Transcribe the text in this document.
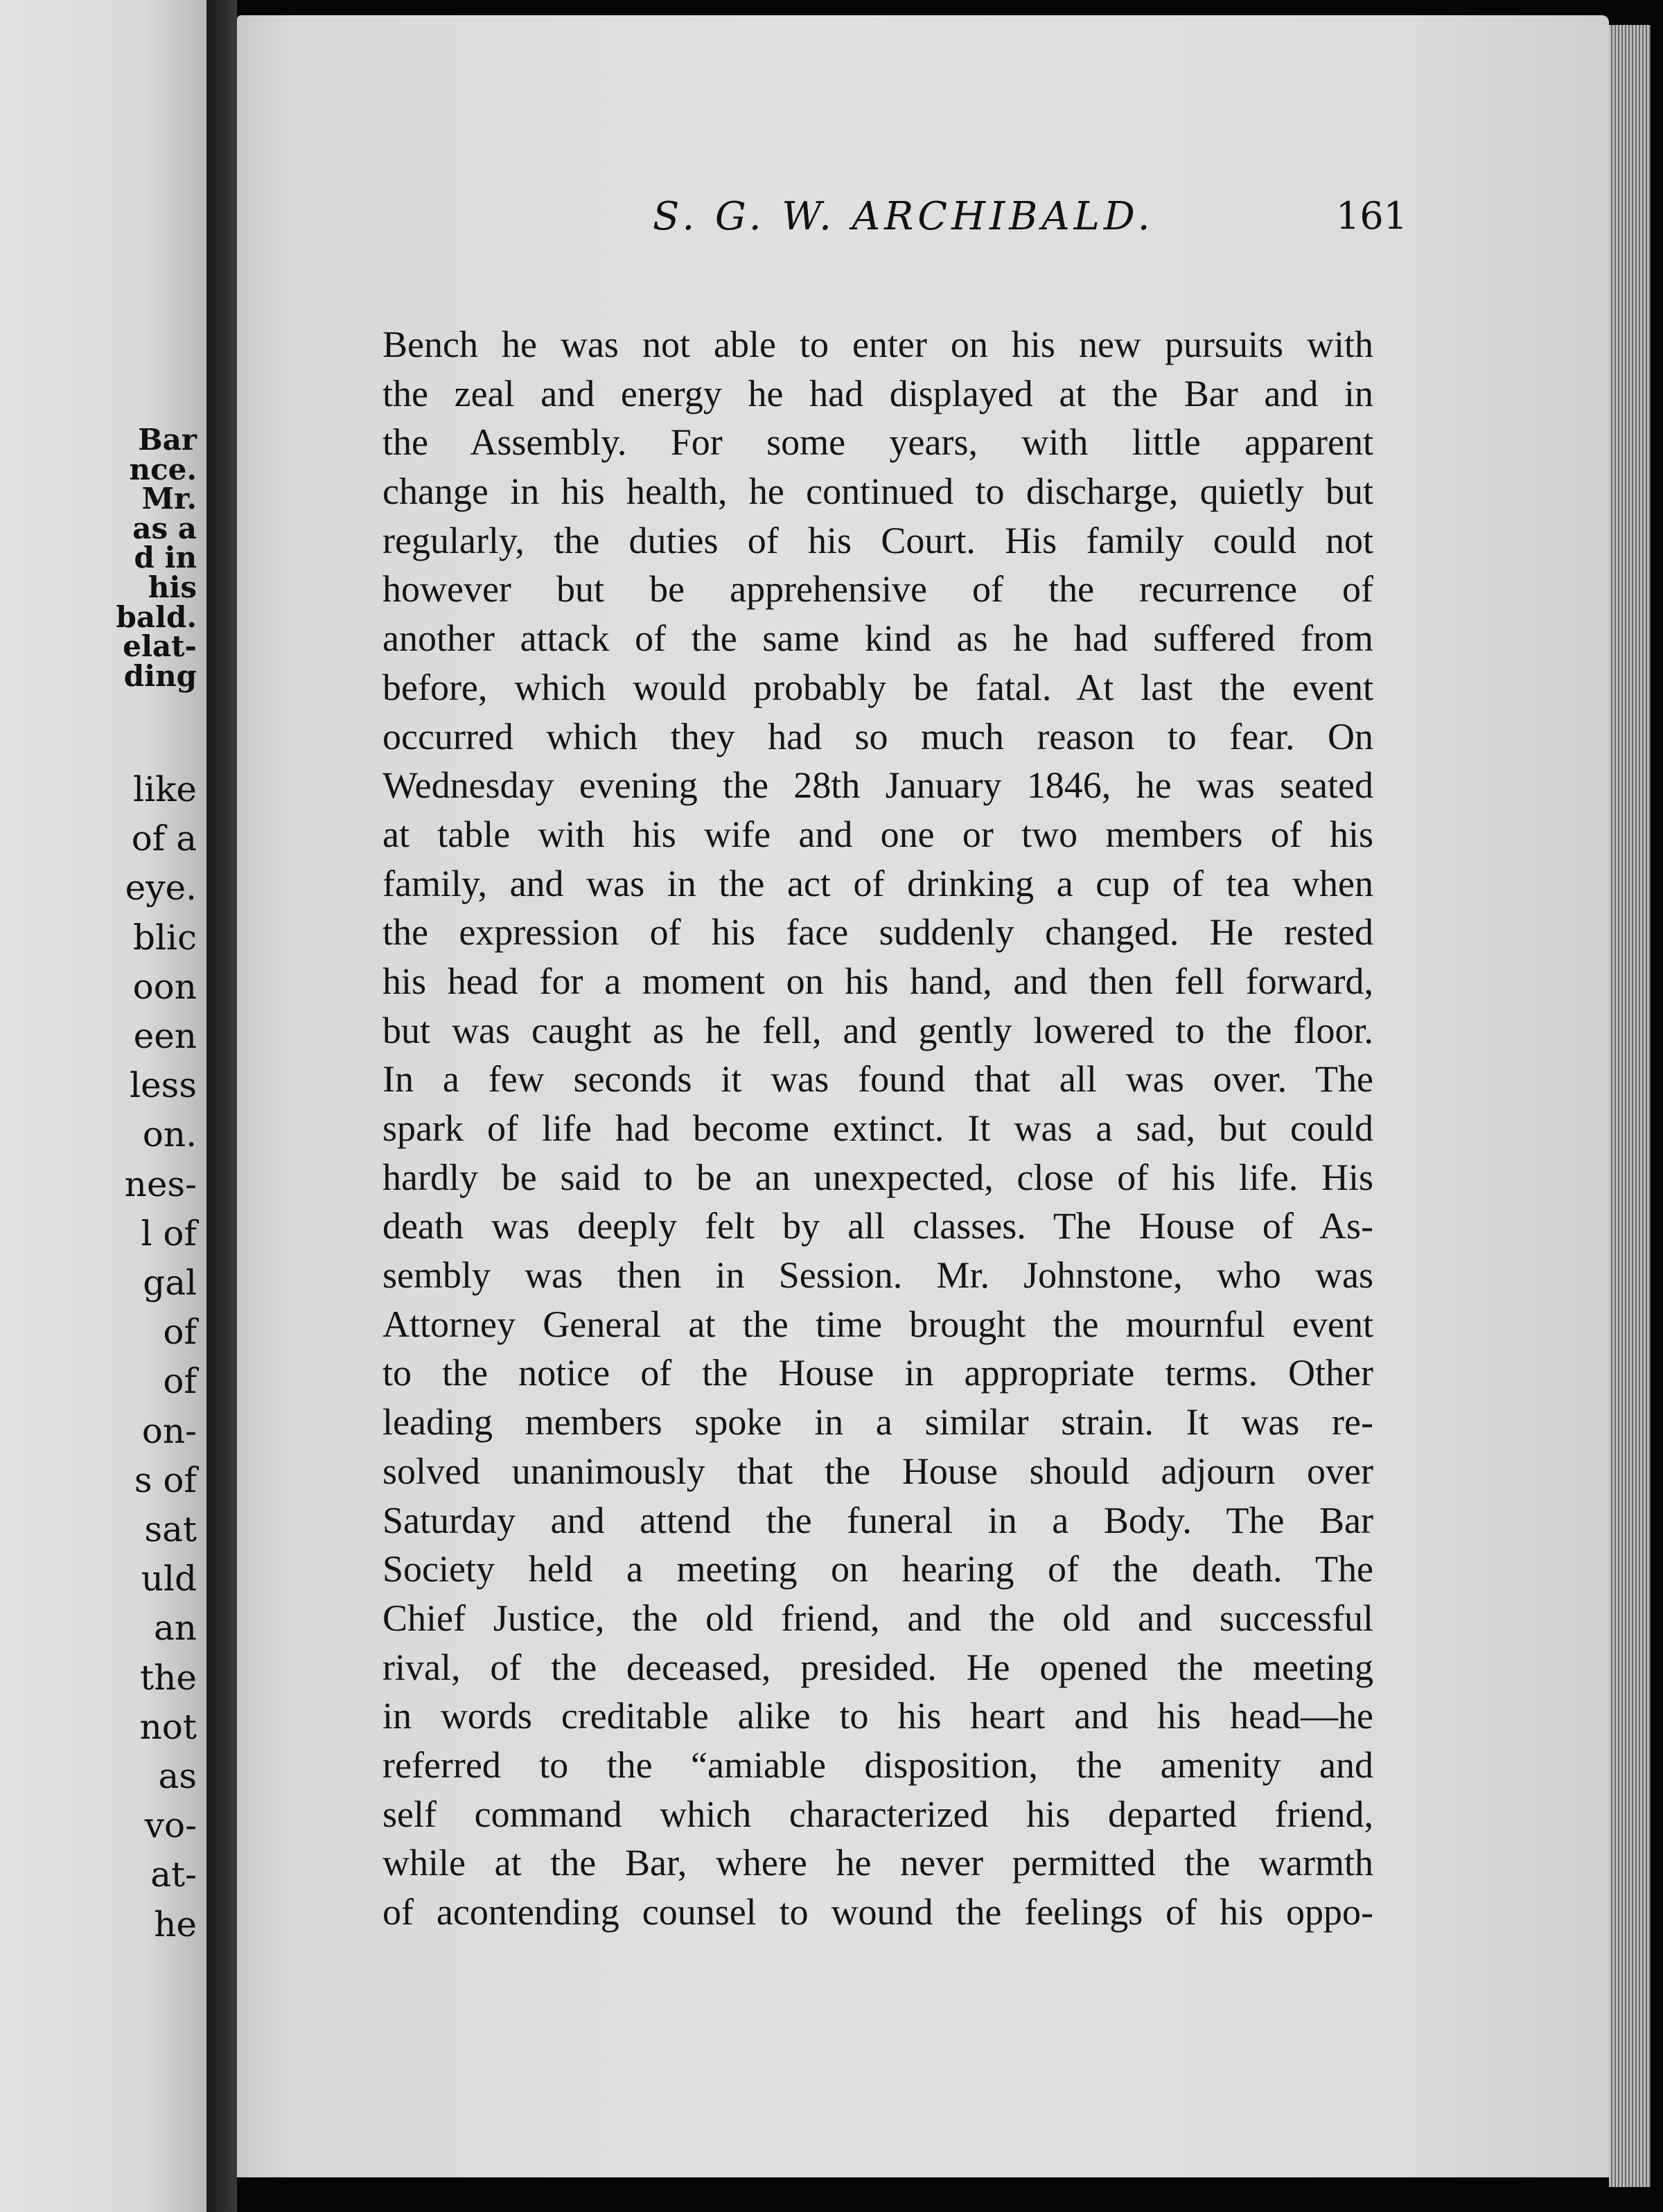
Bar
nce.
Mr.
as a
d in
his
bald.
elat-
ding
like
of a
eye.
blic
oon
een
less
on.
nes-
l of
gal
of
of
on-
s of
sat
uld
an
the
not
as
vo-
at-
he
S. G. W. ARCHIBALD.	161
Bench he was not able to enter on his new pursuits with
the zeal and energy he had displayed at the Bar and in
the Assembly. For some years, with little apparent
change in his health, he continued to discharge, quietly but
regularly, the duties of his Court. His family could not
however but be apprehensive of the recurrence of
another attack of the same kind as he had suffered from
before, which would probably be fatal. At last the event
occurred which they had so much reason to fear. On
Wednesday evening the 28th January 1846, he was seated
at table with his wife and one or two members of his
family, and was in the act of drinking a cup of tea when
the expression of his face suddenly changed. He rested
his head for a moment on his hand, and then fell forward,
but was caught as he fell, and gently lowered to the floor.
In a few seconds it was found that all was over. The
spark of life had become extinct. It was a sad, but could
hardly be said to be an unexpected, close of his life. His
death was deeply felt by all classes. The House of As-
sembly was then in Session. Mr. Johnstone, who was
Attorney General at the time brought the mournful event
to the notice of the House in appropriate terms. Other
leading members spoke in a similar strain. It was re-
solved unanimously that the House should adjourn over
Saturday and attend the funeral in a Body. The Bar
Society held a meeting on hearing of the death. The
Chief Justice, the old friend, and the old and successful
rival, of the deceased, presided. He opened the meeting
in words creditable alike to his heart and his head—he
referred to the “amiable disposition, the amenity and
self command which characterized his departed friend,
while at the Bar, where he never permitted the warmth
of acontending counsel to wound the feelings of his oppo-
